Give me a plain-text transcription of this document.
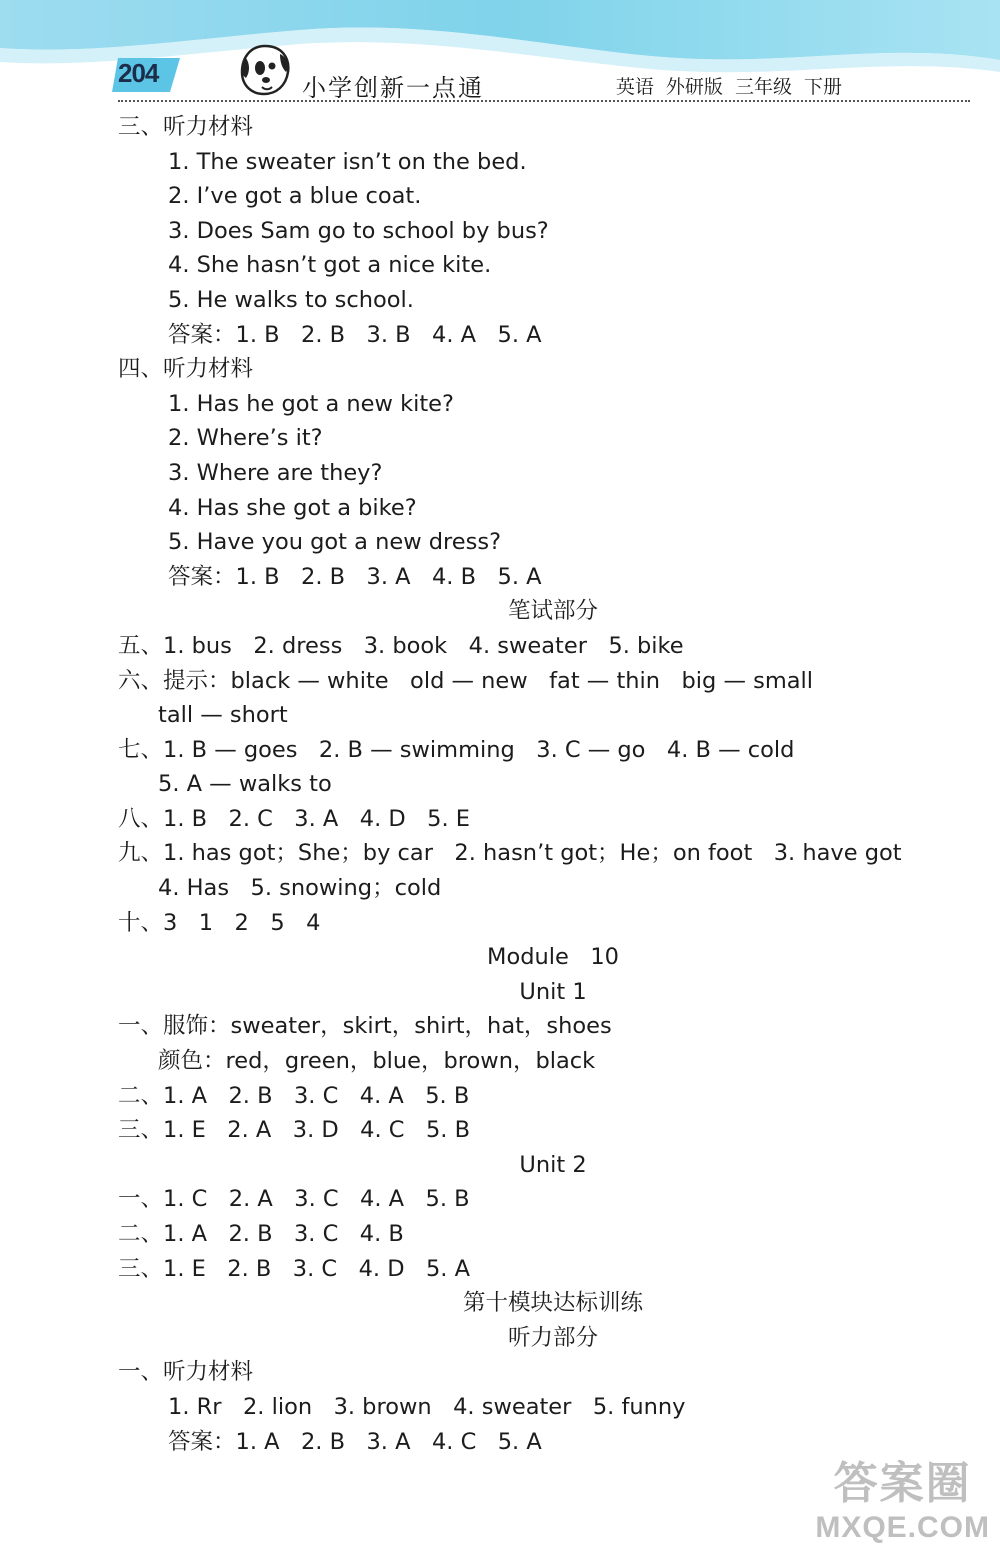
204	小学创新一点通	英语 外研版 三年级 下册
三、听力材料
1. The sweater isn’t on the bed.
2. I’ve got a blue coat.
3. Does Sam go to school by bus?
4. She hasn’t got a nice kite.
5. He walks to school.
答案：1. B   2. B   3. B   4. A   5. A
四、听力材料
1. Has he got a new kite?
2. Where’s it?
3. Where are they?
4. Has she got a bike?
5. Have you got a new dress?
答案：1. B   2. B   3. A   4. B   5. A
笔试部分
五、1. bus   2. dress   3. book   4. sweater   5. bike
六、提示：black — white   old — new   fat — thin   big — small
tall — short
七、1. B — goes   2. B — swimming   3. C — go   4. B — cold
5. A — walks to
八、1. B   2. C   3. A   4. D   5. E
九、1. has got；She；by car   2. hasn’t got；He；on foot   3. have got
4. Has   5. snowing；cold
十、3   1   2   5   4
Module   10
Unit 1
一、服饰：sweater，skirt，shirt，hat，shoes
颜色：red，green，blue，brown，black
二、1. A   2. B   3. C   4. A   5. B
三、1. E   2. A   3. D   4. C   5. B
Unit 2
一、1. C   2. A   3. C   4. A   5. B
二、1. A   2. B   3. C   4. B
三、1. E   2. B   3. C   4. D   5. A
第十模块达标训练
听力部分
一、听力材料
1. Rr   2. lion   3. brown   4. sweater   5. funny
答案：1. A   2. B   3. A   4. C   5. A
答案圈
MXQE.COM
